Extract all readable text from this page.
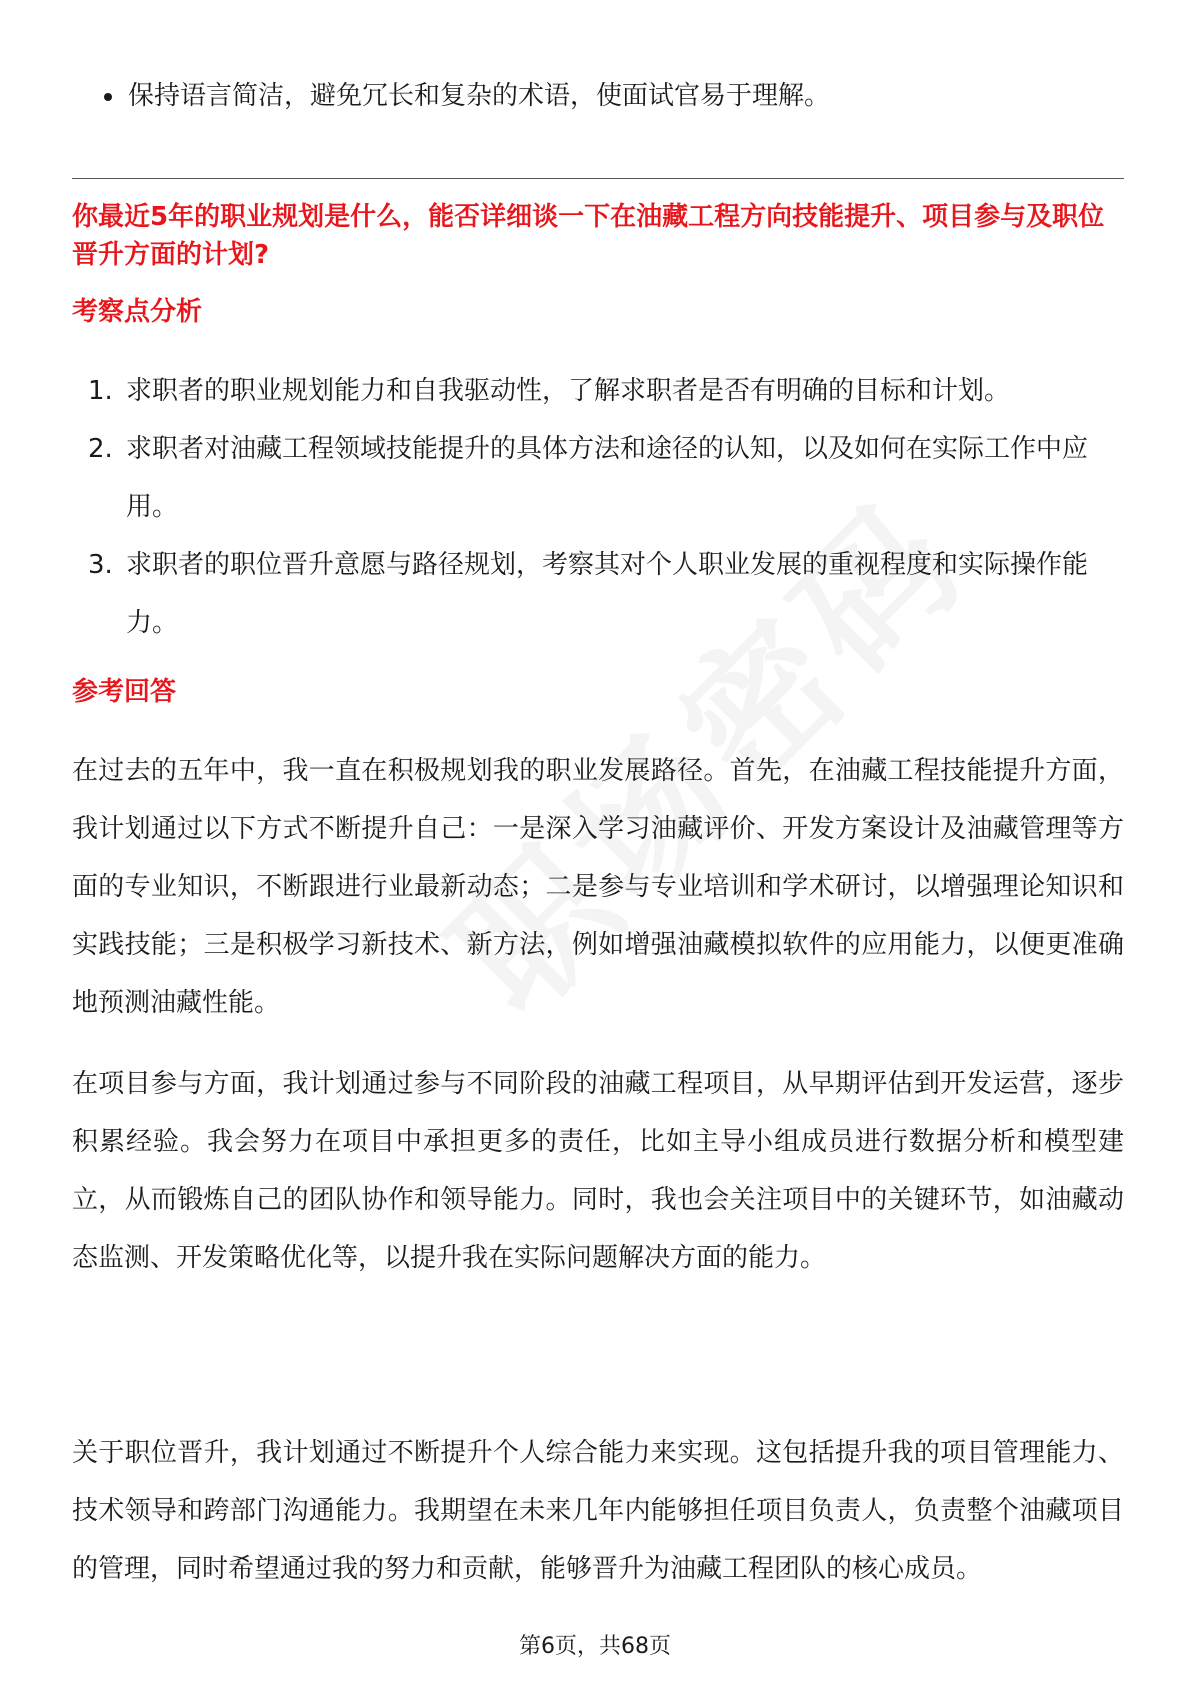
保持语言简洁，避免冗长和复杂的术语，使面试官易于理解。
你最近5年的职业规划是什么，能否详细谈一下在油藏工程方向技能提升、项目参与及职位晋升方面的计划?
考察点分析
1. 求职者的职业规划能力和自我驱动性，了解求职者是否有明确的目标和计划。
2. 求职者对油藏工程领域技能提升的具体方法和途径的认知，以及如何在实际工作中应用。
3. 求职者的职位晋升意愿与路径规划，考察其对个人职业发展的重视程度和实际操作能力。
参考回答

在过去的五年中，我一直在积极规划我的职业发展路径。首先，在油藏工程技能提升方面，我计划通过以下方式不断提升自己：一是深入学习油藏评价、开发方案设计及油藏管理等方面的专业知识，不断跟进行业最新动态；二是参与专业培训和学术研讨，以增强理论知识和实践技能；三是积极学习新技术、新方法，例如增强油藏模拟软件的应用能力，以便更准确地预测油藏性能。

在项目参与方面，我计划通过参与不同阶段的油藏工程项目，从早期评估到开发运营，逐步积累经验。我会努力在项目中承担更多的责任，比如主导小组成员进行数据分析和模型建立，从而锻炼自己的团队协作和领导能力。同时，我也会关注项目中的关键环节，如油藏动态监测、开发策略优化等，以提升我在实际问题解决方面的能力。

关于职位晋升，我计划通过不断提升个人综合能力来实现。这包括提升我的项目管理能力、技术领导和跨部门沟通能力。我期望在未来几年内能够担任项目负责人，负责整个油藏项目的管理，同时希望通过我的努力和贡献，能够晋升为油藏工程团队的核心成员。

第6页，共68页
